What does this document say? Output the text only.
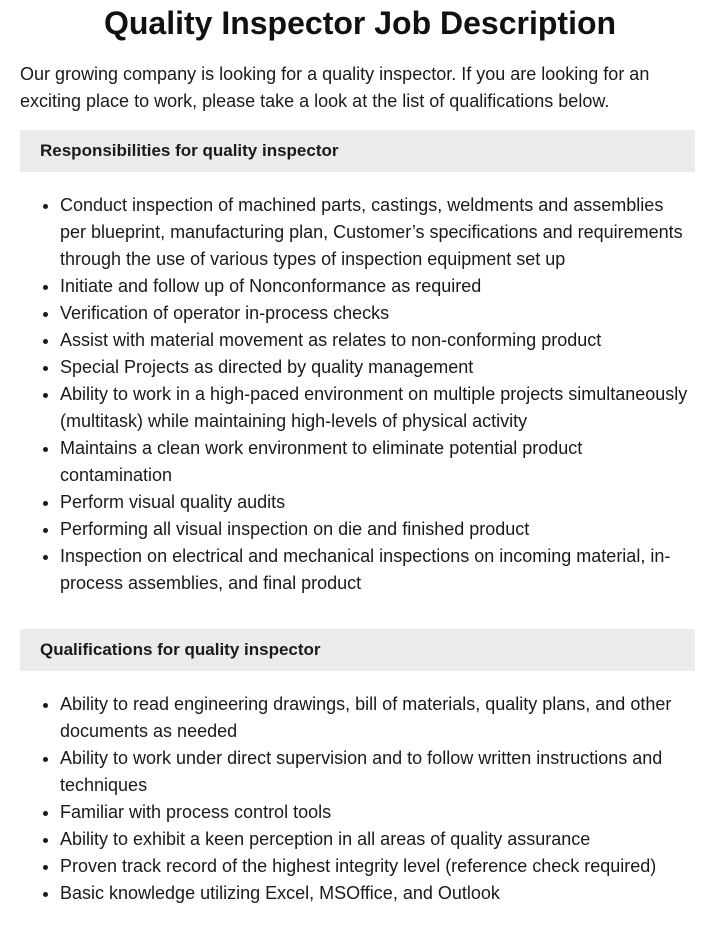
Quality Inspector Job Description

Our growing company is looking for a quality inspector. If you are looking for an exciting place to work, please take a look at the list of qualifications below.

Responsibilities for quality inspector
• Conduct inspection of machined parts, castings, weldments and assemblies per blueprint, manufacturing plan, Customer’s specifications and requirements through the use of various types of inspection equipment set up
• Initiate and follow up of Nonconformance as required
• Verification of operator in-process checks
• Assist with material movement as relates to non-conforming product
• Special Projects as directed by quality management
• Ability to work in a high-paced environment on multiple projects simultaneously (multitask) while maintaining high-levels of physical activity
• Maintains a clean work environment to eliminate potential product contamination
• Perform visual quality audits
• Performing all visual inspection on die and finished product
• Inspection on electrical and mechanical inspections on incoming material, in-process assemblies, and final product
Qualifications for quality inspector
• Ability to read engineering drawings, bill of materials, quality plans, and other documents as needed
• Ability to work under direct supervision and to follow written instructions and techniques
• Familiar with process control tools
• Ability to exhibit a keen perception in all areas of quality assurance
• Proven track record of the highest integrity level (reference check required)
• Basic knowledge utilizing Excel, MSOffice, and Outlook
